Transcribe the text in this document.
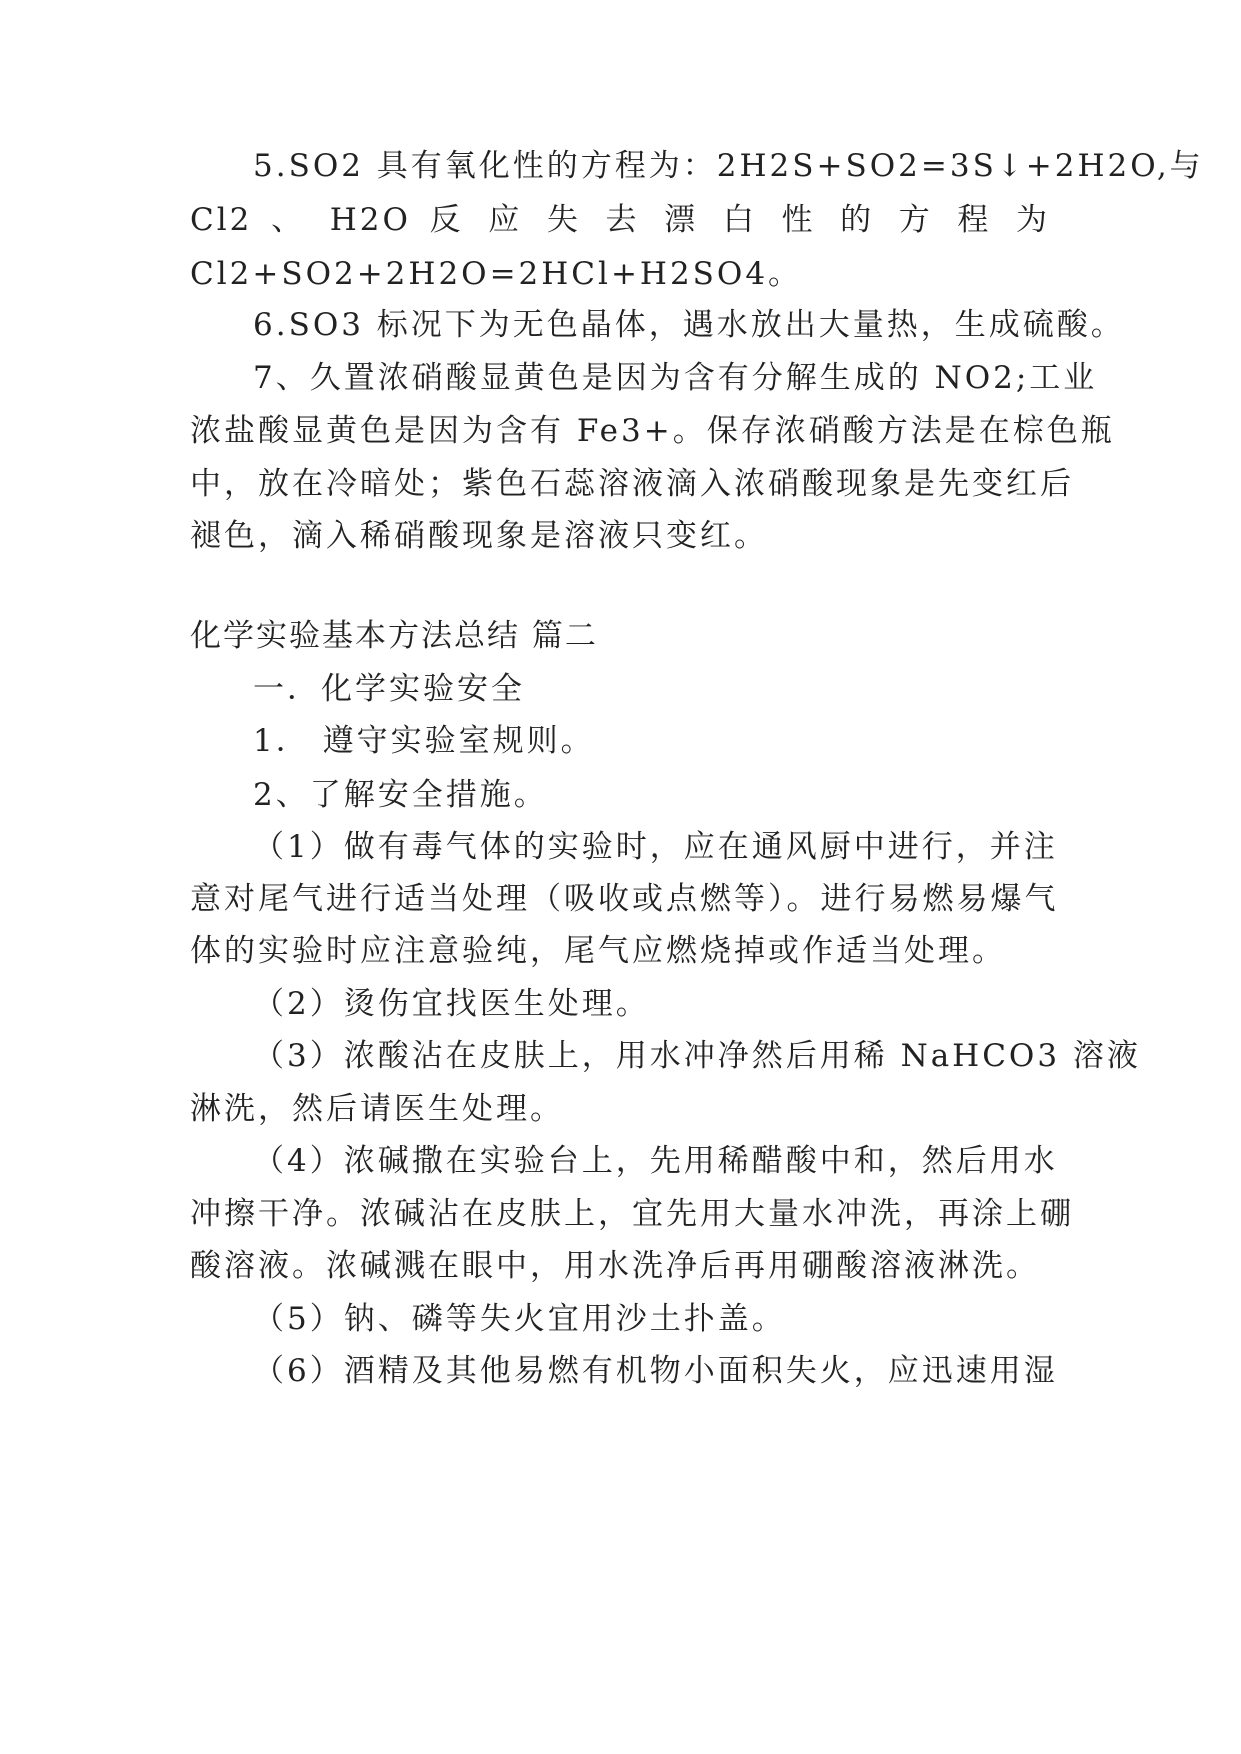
5.SO2 具有氧化性的方程为：2H2S+SO2=3S↓+2H2O,与
Cl2 、 H2O 反 应 失 去 漂 白 性 的 方 程 为
Cl2+SO2+2H2O=2HCl+H2SO4。
6.SO3 标况下为无色晶体，遇水放出大量热，生成硫酸。
7、久置浓硝酸显黄色是因为含有分解生成的 NO2;工业
浓盐酸显黄色是因为含有 Fe3+。保存浓硝酸方法是在棕色瓶
中，放在冷暗处；紫色石蕊溶液滴入浓硝酸现象是先变红后
褪色，滴入稀硝酸现象是溶液只变红。
化学实验基本方法总结 篇二
一．化学实验安全
1． 遵守实验室规则。
2、了解安全措施。
（1）做有毒气体的实验时，应在通风厨中进行，并注
意对尾气进行适当处理（吸收或点燃等）。进行易燃易爆气
体的实验时应注意验纯，尾气应燃烧掉或作适当处理。
（2）烫伤宜找医生处理。
（3）浓酸沾在皮肤上，用水冲净然后用稀 NaHCO3 溶液
淋洗，然后请医生处理。
（4）浓碱撒在实验台上，先用稀醋酸中和，然后用水
冲擦干净。浓碱沾在皮肤上，宜先用大量水冲洗，再涂上硼
酸溶液。浓碱溅在眼中，用水洗净后再用硼酸溶液淋洗。
（5）钠、磷等失火宜用沙土扑盖。
（6）酒精及其他易燃有机物小面积失火，应迅速用湿
